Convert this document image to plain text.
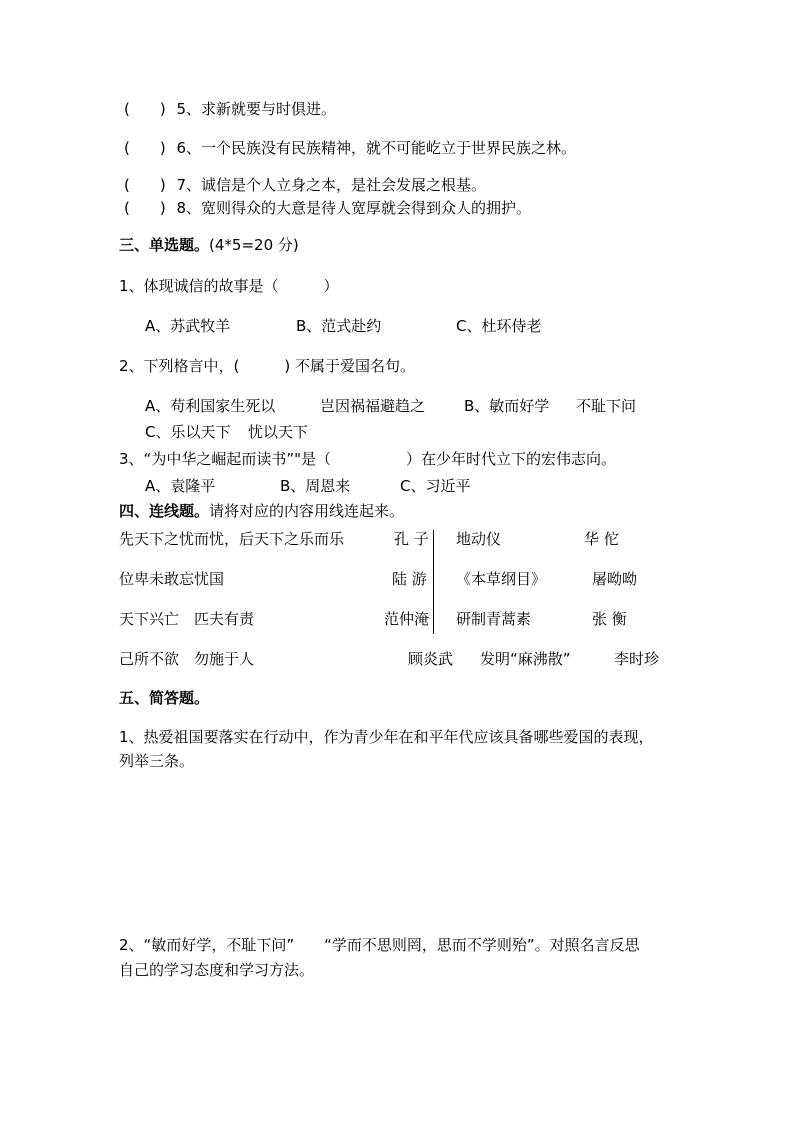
(　　) 5、求新就要与时俱进。
(　　) 6、一个民族没有民族精神，就不可能屹立于世界民族之林。
(　　) 7、诚信是个人立身之本，是社会发展之根基。
(　　) 8、宽则得众的大意是待人宽厚就会得到众人的拥护。
三、单选题。(4*5=20 分)
1、体现诚信的故事是（　　　）
A、苏武牧羊	B、范式赴约	C、杜环侍老
2、下列格言中，(　　　) 不属于爱国名句。
A、苟利国家生死以	岂因祸福避趋之	B、敏而好学 不耻下问
C、乐以天下 忧以天下
3、“为中华之崛起而读书”"是（　　　　　）在少年时代立下的宏伟志向。
A、袁隆平	B、周恩来	C、习近平
四、连线题。请将对应的内容用线连起来。
先天下之忧而忧，后天下之乐而乐	孔 子 地动仪	华 佗
位卑未敢忘忧国	陆 游 《本草纲目》	屠呦呦
天下兴亡　匹夫有责	范仲淹 研制青蒿素	张 衡
己所不欲　勿施于人	顾炎武 发明“麻沸散”	李时珍
五、简答题。
1、热爱祖国要落实在行动中，作为青少年在和平年代应该具备哪些爱国的表现，
列举三条。
2、“敏而好学，不耻下问”　　“学而不思则罔，思而不学则殆”。对照名言反思
自己的学习态度和学习方法。
